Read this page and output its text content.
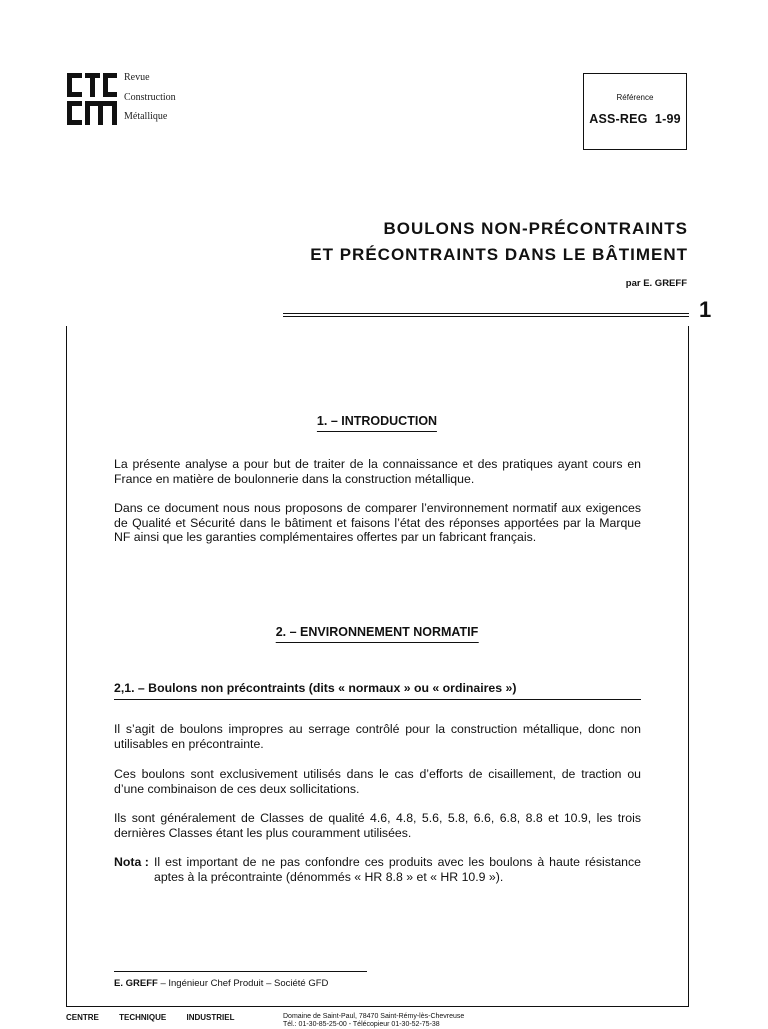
Revue
Construction
Métallique
Référence
ASS-REG  1-99
BOULONS NON-PRÉCONTRAINTS
ET PRÉCONTRAINTS DANS LE BÂTIMENT
par E. GREFF
1
1. – INTRODUCTION
La présente analyse a pour but de traiter de la connaissance et des pratiques ayant cours en France en matière de boulonnerie dans la construction métallique.
Dans ce document nous nous proposons de comparer l’environnement normatif aux exigences de Qualité et Sécurité dans le bâtiment et faisons l’état des réponses apportées par la Marque NF ainsi que les garanties complémentaires offertes par un fabricant français.
2. – ENVIRONNEMENT NORMATIF
2,1. – Boulons non précontraints (dits « normaux » ou « ordinaires »)
Il s’agit de boulons impropres au serrage contrôlé pour la construction métallique, donc non utilisables en précontrainte.
Ces boulons sont exclusivement utilisés dans le cas d’efforts de cisaillement, de traction ou d’une combinaison de ces deux sollicitations.
Ils sont généralement de Classes de qualité 4.6, 4.8, 5.6, 5.8, 6.6, 6.8, 8.8 et 10.9, les trois dernières Classes étant les plus couramment utilisées.
Nota : Il est important de ne pas confondre ces produits avec les boulons à haute résistance aptes à la précontrainte (dénommés « HR 8.8 » et « HR 10.9 »).
E. GREFF – Ingénieur Chef Produit – Société GFD
CENTRE	TECHNIQUE	INDUSTRIEL	Domaine de Saint-Paul, 78470 Saint-Rémy-lès-Chevreuse
Tél.: 01-30-85-25-00 - Télécopieur 01-30-52-75-38
